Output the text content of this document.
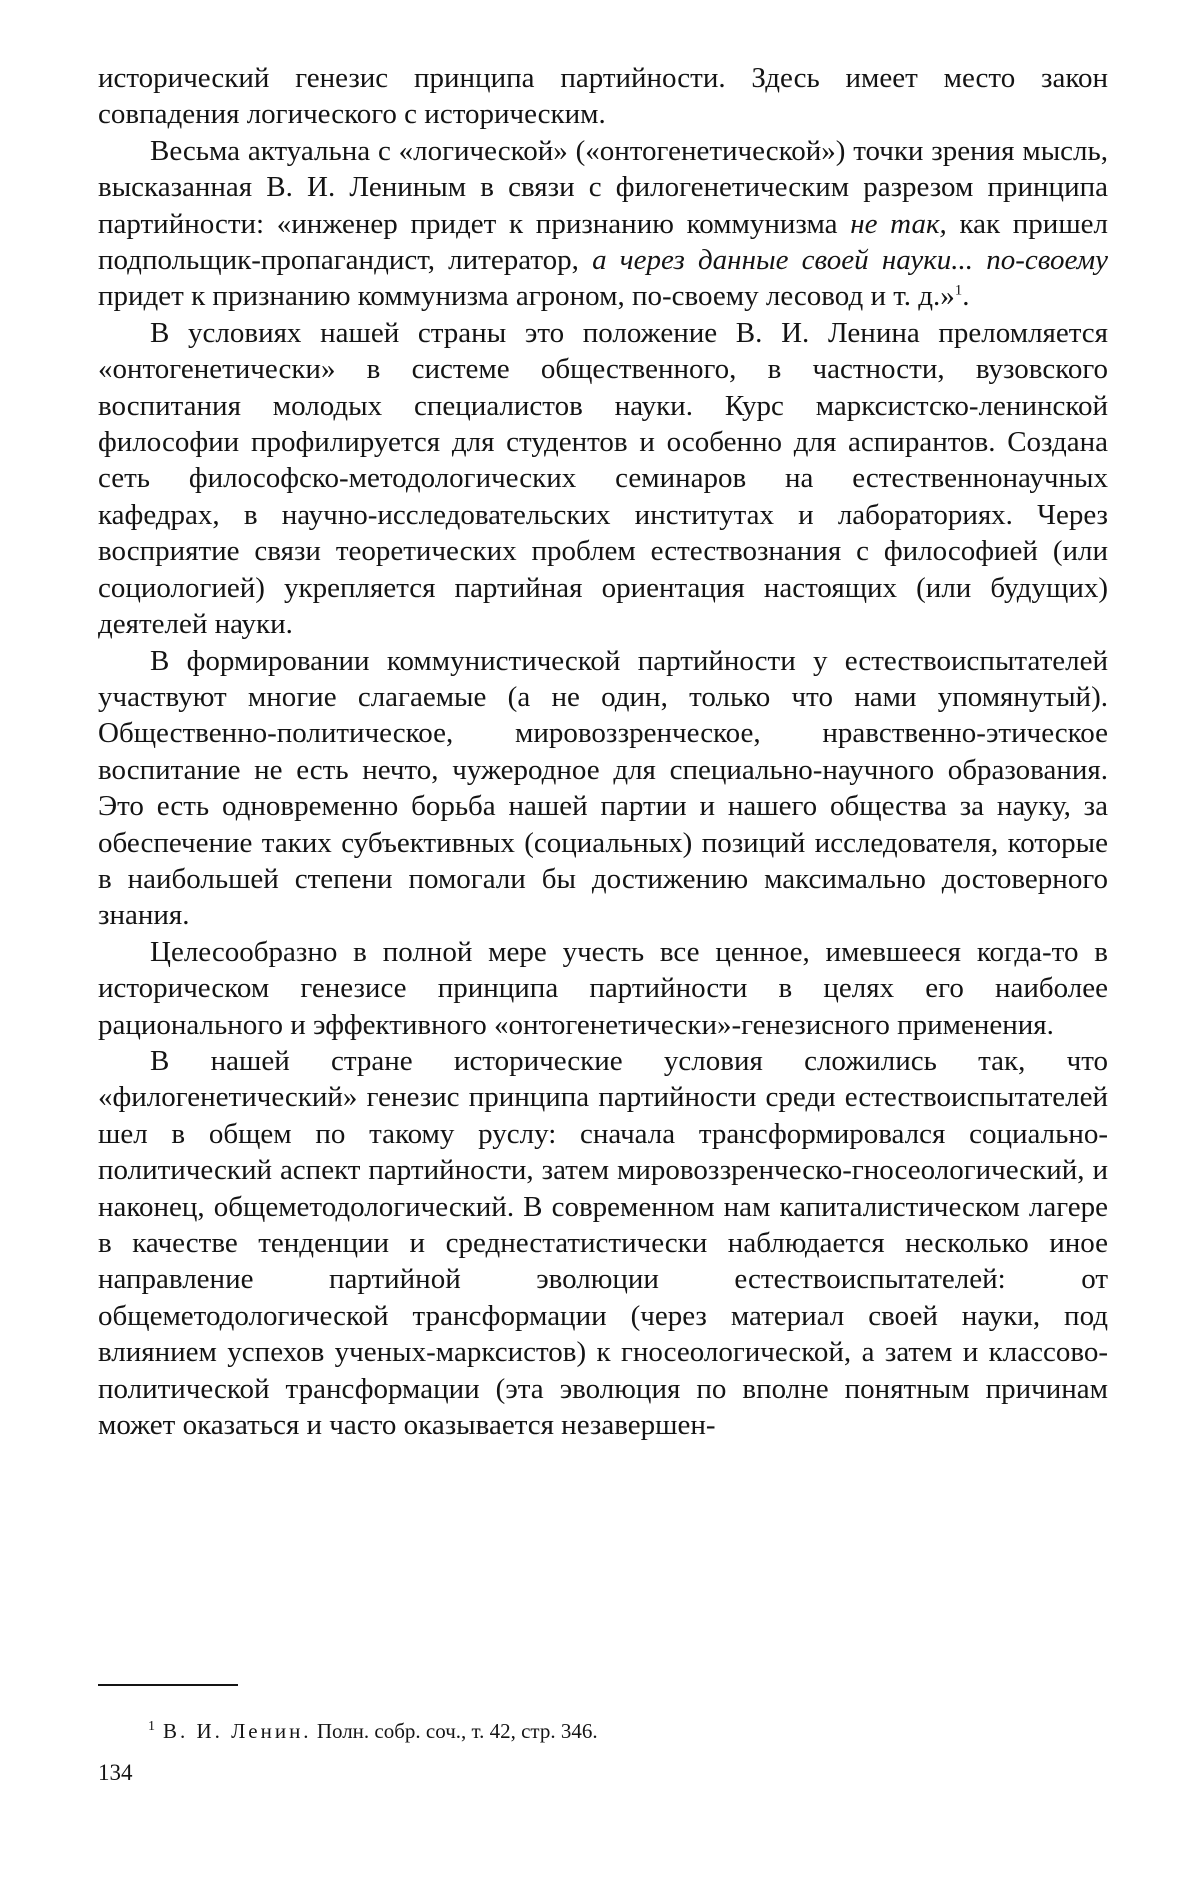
исторический генезис принципа партийности. Здесь имеет место закон совпадения логического с историческим.

Весьма актуальна с «логической» («онтогенетической») точки зрения мысль, высказанная В. И. Лениным в связи с филогенетическим разрезом принципа партийности: «инженер придет к признанию коммунизма не так, как пришел подпольщик-пропагандист, литератор, а через данные своей науки... по-своему придет к признанию коммунизма агроном, по-своему лесовод и т. д.»$^1$.

В условиях нашей страны это положение В. И. Ленина преломляется «онтогенетически» в системе общественного, в частности, вузовского воспитания молодых специалистов науки. Курс марксистско-ленинской философии профилируется для студентов и особенно для аспирантов. Создана сеть философско-методологических семинаров на естественнонаучных кафедрах, в научно-исследовательских институтах и лабораториях. Через восприятие связи теоретических проблем естествознания с философией (или социологией) укрепляется партийная ориентация настоящих (или будущих) деятелей науки.

В формировании коммунистической партийности у естествоиспытателей участвуют многие слагаемые (а не один, только что нами упомянутый). Общественно-политическое, мировоззренческое, нравственно-этическое воспитание не есть нечто, чужеродное для специально-научного образования. Это есть одновременно борьба нашей партии и нашего общества за науку, за обеспечение таких субъективных (социальных) позиций исследователя, которые в наибольшей степени помогали бы достижению максимально достоверного знания.

Целесообразно в полной мере учесть все ценное, имевшееся когда-то в историческом генезисе принципа партийности в целях его наиболее рационального и эффективного «онтогенетически»-генезисного применения.

В нашей стране исторические условия сложились так, что «филогенетический» генезис принципа партийности среди естествоиспытателей шел в общем по такому руслу: сначала трансформировался социально-политический аспект партийности, затем мировоззренческо-гносеологический, и наконец, общеметодологический. В современном нам капиталистическом лагере в качестве тенденции и среднестатистически наблюдается несколько иное направление партийной эволюции естествоиспытателей: от общеметодологической трансформации (через материал своей науки, под влиянием успехов ученых-марксистов) к гносеологической, а затем и классово-политической трансформации (эта эволюция по вполне понятным причинам может оказаться и часто оказывается незавершен-

$^1$ В. И. Ленин. Полн. собр. соч., т. 42, стр. 346.
134
